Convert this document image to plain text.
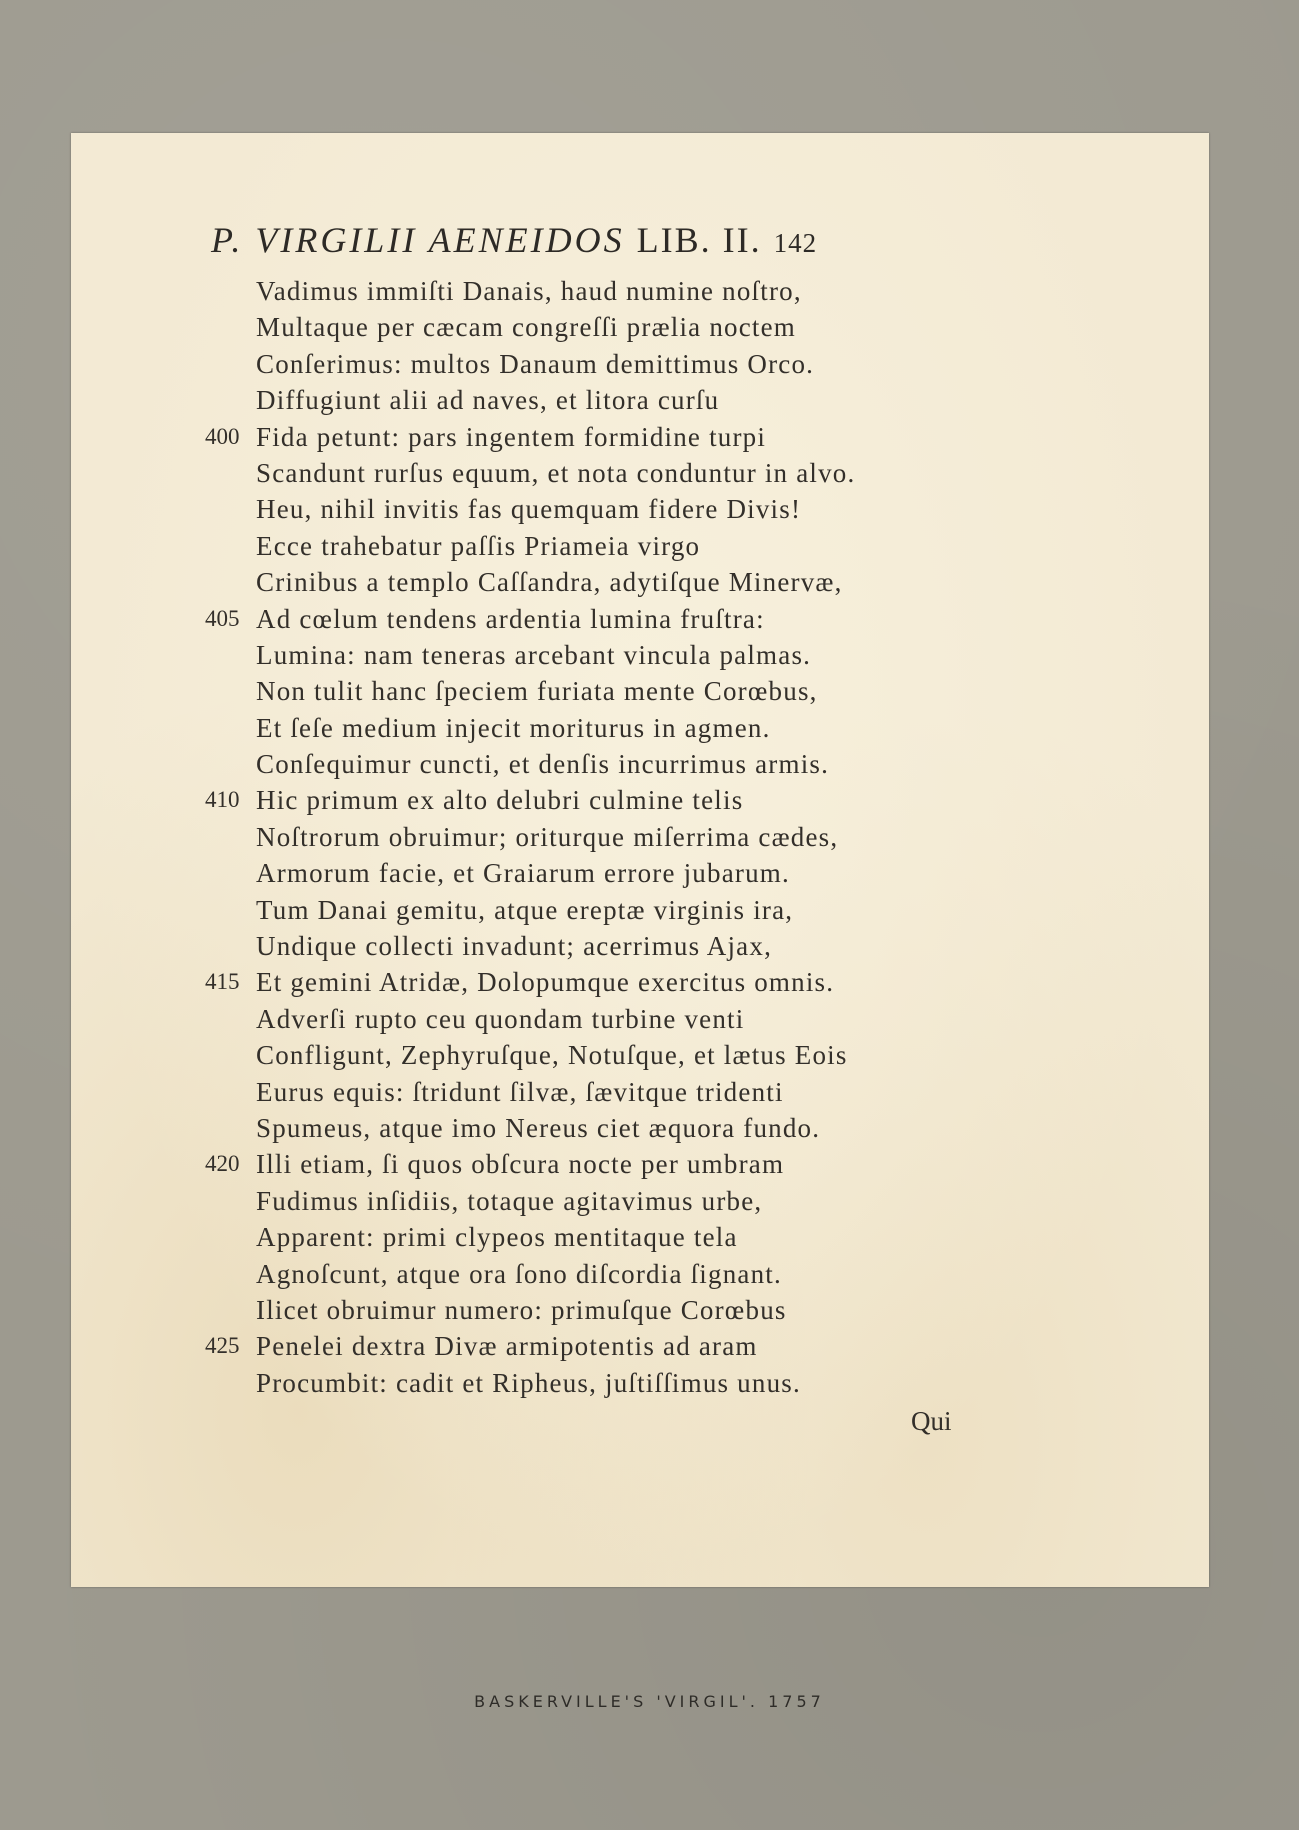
P. VIRGILII AENEIDOS LIB. II. 142
Vadimus immiſti Danais, haud numine noſtro,
Multaque per cæcam congreſſi prælia noctem
Conſerimus: multos Danaum demittimus Orco.
Diffugiunt alii ad naves, et litora curſu
400 Fida petunt: pars ingentem formidine turpi
Scandunt rurſus equum, et nota conduntur in alvo.
Heu, nihil invitis fas quemquam fidere Divis!
Ecce trahebatur paſſis Priameia virgo
Crinibus a templo Caſſandra, adytiſque Minervæ,
405 Ad cœlum tendens ardentia lumina fruſtra:
Lumina: nam teneras arcebant vincula palmas.
Non tulit hanc ſpeciem furiata mente Corœbus,
Et ſeſe medium injecit moriturus in agmen.
Conſequimur cuncti, et denſis incurrimus armis.
410 Hic primum ex alto delubri culmine telis
Noſtrorum obruimur; oriturque miſerrima cædes,
Armorum facie, et Graiarum errore jubarum.
Tum Danai gemitu, atque ereptæ virginis ira,
Undique collecti invadunt; acerrimus Ajax,
415 Et gemini Atridæ, Dolopumque exercitus omnis.
Adverſi rupto ceu quondam turbine venti
Confligunt, Zephyruſque, Notuſque, et lætus Eois
Eurus equis: ſtridunt ſilvæ, ſævitque tridenti
Spumeus, atque imo Nereus ciet æquora fundo.
420 Illi etiam, ſi quos obſcura nocte per umbram
Fudimus inſidiis, totaque agitavimus urbe,
Apparent: primi clypeos mentitaque tela
Agnoſcunt, atque ora ſono diſcordia ſignant.
Ilicet obruimur numero: primuſque Corœbus
425 Penelei dextra Divæ armipotentis ad aram
Procumbit: cadit et Ripheus, juſtiſſimus unus.
Qui
BASKERVILLE'S 'VIRGIL'. 1757
